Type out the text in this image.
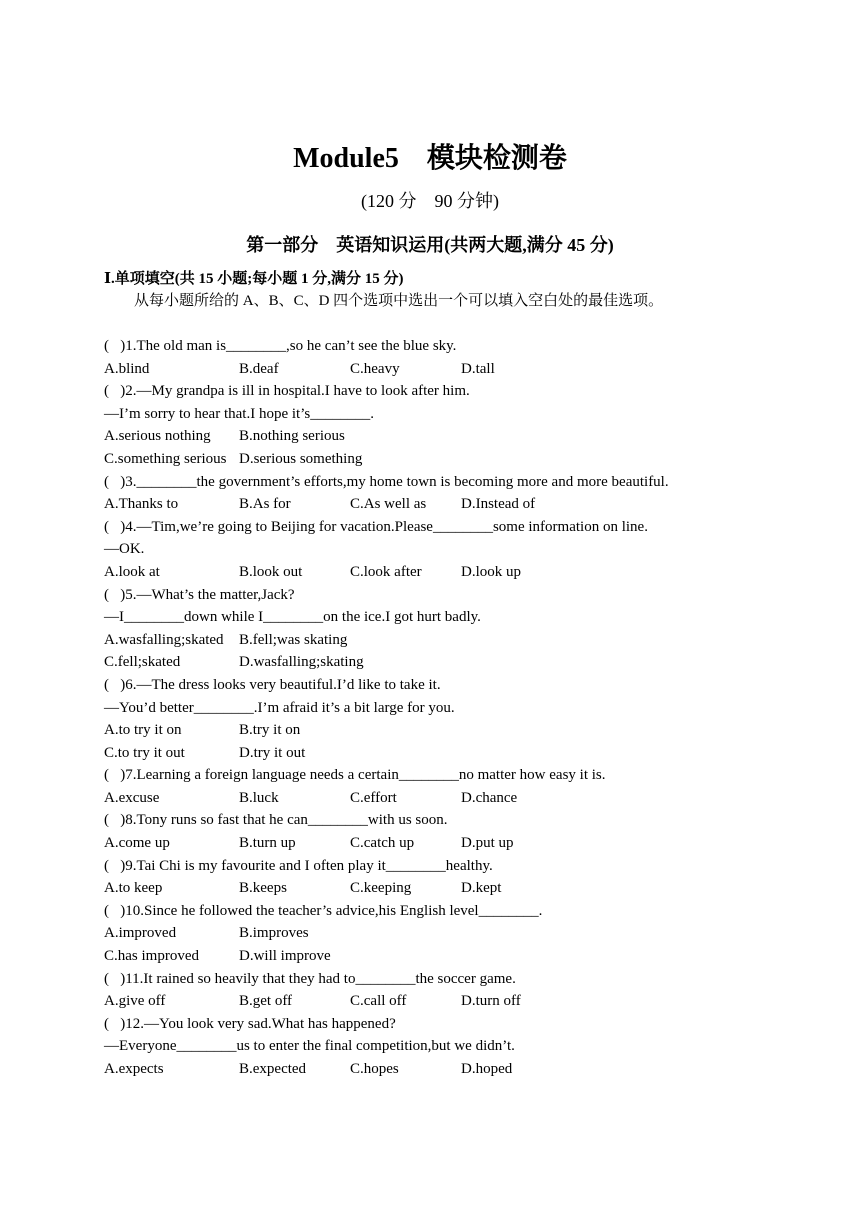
Module5　模块检测卷
(120 分　90 分钟)
第一部分　英语知识运用(共两大题,满分 45 分)
Ⅰ.单项填空(共 15 小题;每小题 1 分,满分 15 分)
从每小题所给的 A、B、C、D 四个选项中选出一个可以填入空白处的最佳选项。
(   )1.The old man is________,so he can’t see the blue sky.
A.blind	B.deaf	C.heavy	D.tall
(   )2.—My grandpa is ill in hospital.I have to look after him.
—I’m sorry to hear that.I hope it’s________.
A.serious nothing B.nothing serious
C.something serious D.serious something
(   )3.________the government’s efforts,my home town is becoming more and more beautiful.
A.Thanks to	B.As for	C.As well as D.Instead of
(   )4.—Tim,we’re going to Beijing for vacation.Please________some information on line.
—OK.
A.look at	B.look out	C.look after	D.look up
(   )5.—What’s the matter,Jack?
—I________down while I________on the ice.I got hurt badly.
A.wasfalling;skated B.fell;was skating
C.fell;skated	D.wasfalling;skating
(   )6.—The dress looks very beautiful.I’d like to take it.
—You’d better________.I’m afraid it’s a bit large for you.
A.to try it on	B.try it on
C.to try it out	D.try it out
(   )7.Learning a foreign language needs a certain________no matter how easy it is.
A.excuse	B.luck	C.effort	D.chance
(   )8.Tony runs so fast that he can________with us soon.
A.come up	B.turn up	C.catch up	D.put up
(   )9.Tai Chi is my favourite and I often play it________healthy.
A.to keep	B.keeps	C.keeping	D.kept
(   )10.Since he followed the teacher’s advice,his English level________.
A.improved	B.improves
C.has improved	D.will improve
(   )11.It rained so heavily that they had to________the soccer game.
A.give off	B.get off	C.call off	D.turn off
(   )12.—You look very sad.What has happened?
—Everyone________us to enter the final competition,but we didn’t.
A.expects	B.expected	C.hopes	D.hoped
